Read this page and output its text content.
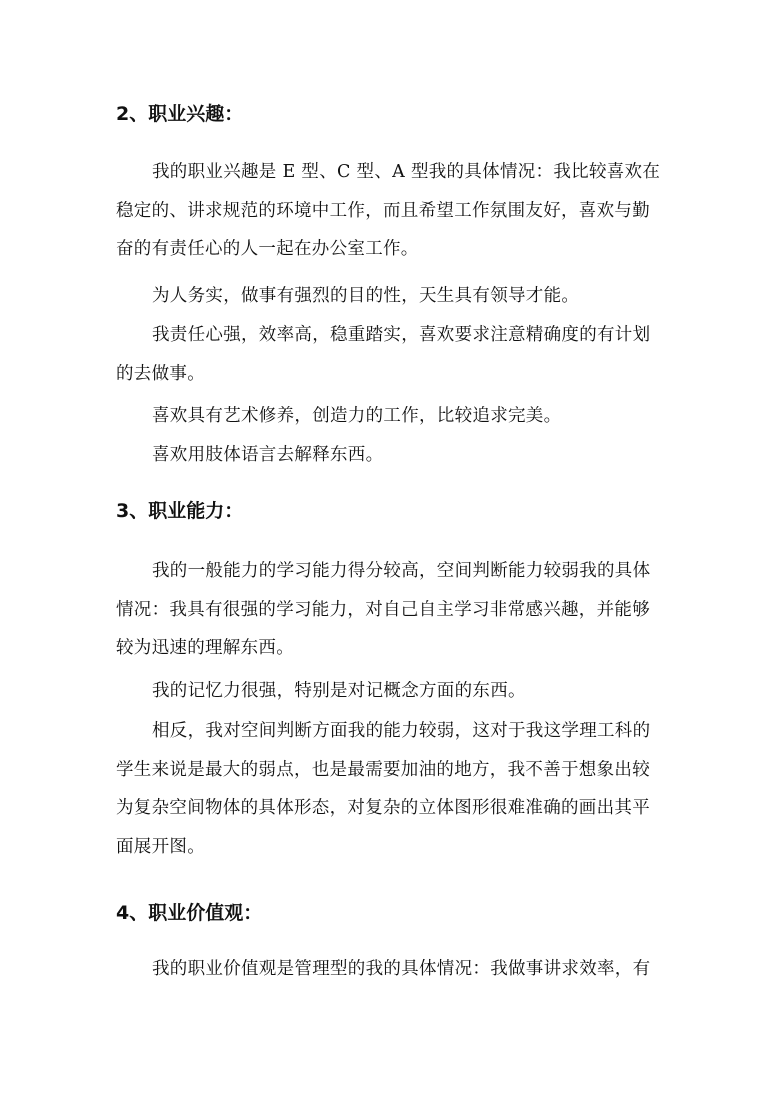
2、职业兴趣：

我的职业兴趣是 E 型、C 型、A 型我的具体情况：我比较喜欢在
稳定的、讲求规范的环境中工作，而且希望工作氛围友好，喜欢与勤
奋的有责任心的人一起在办公室工作。

为人务实，做事有强烈的目的性，天生具有领导才能。

我责任心强，效率高，稳重踏实，喜欢要求注意精确度的有计划
的去做事。

喜欢具有艺术修养，创造力的工作，比较追求完美。

喜欢用肢体语言去解释东西。

3、职业能力：

我的一般能力的学习能力得分较高，空间判断能力较弱我的具体
情况：我具有很强的学习能力，对自己自主学习非常感兴趣，并能够
较为迅速的理解东西。

我的记忆力很强，特别是对记概念方面的东西。

相反，我对空间判断方面我的能力较弱，这对于我这学理工科的
学生来说是最大的弱点，也是最需要加油的地方，我不善于想象出较
为复杂空间物体的具体形态，对复杂的立体图形很难准确的画出其平
面展开图。

4、职业价值观：

我的职业价值观是管理型的我的具体情况：我做事讲求效率，有
